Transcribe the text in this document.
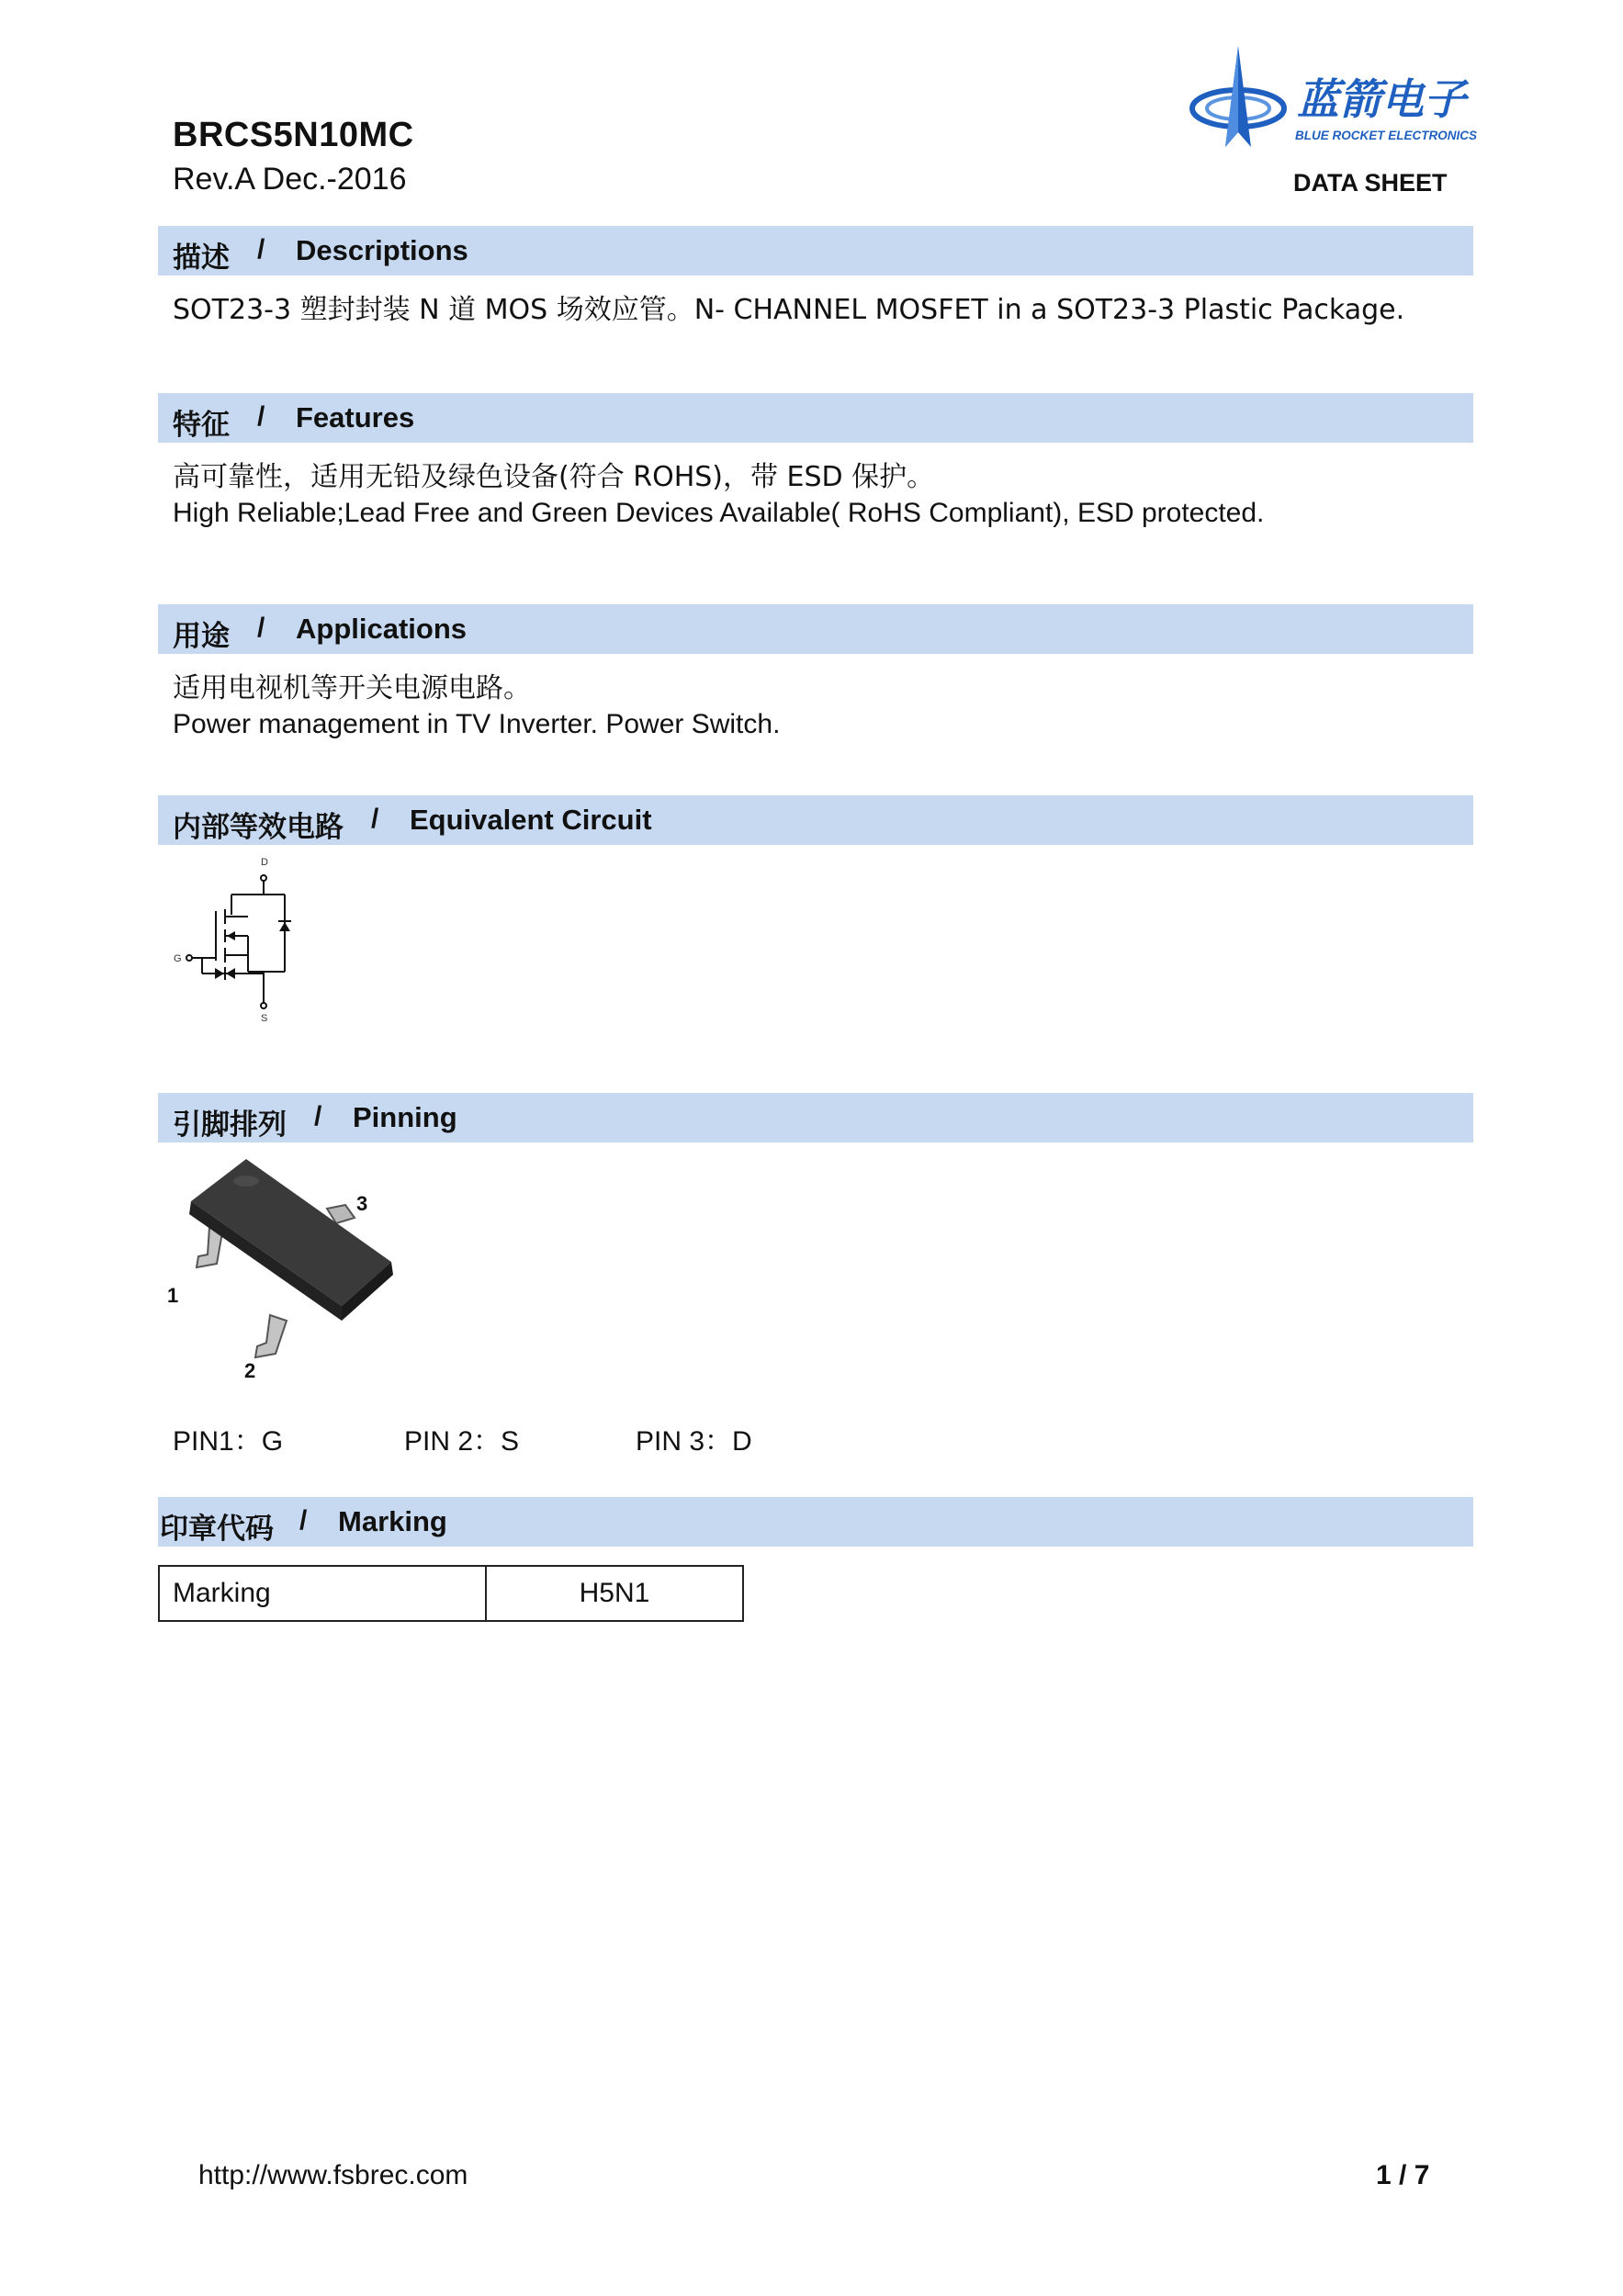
BRCS5N10MC
Rev.A Dec.-2016	DATA SHEET
蓝箭电子
BLUE ROCKET ELECTRONICS
描述 / Descriptions
SOT23-3 塑封封装 N 道 MOS 场效应管。N- CHANNEL MOSFET in a SOT23-3 Plastic Package.
特征 / Features
高可靠性，适用无铅及绿色设备(符合 ROHS)，带 ESD 保护。
High Reliable;Lead Free and Green Devices Available( RoHS Compliant), ESD protected.
用途 / Applications
适用电视机等开关电源电路。
Power management in TV Inverter. Power Switch.
内部等效电路 / Equivalent Circuit
D
G
S
引脚排列 / Pinning
3
1
2
PIN1：G	PIN 2：S	PIN 3：D
印章代码 / Marking
Marking	H5N1
http://www.fsbrec.com	1 / 7
